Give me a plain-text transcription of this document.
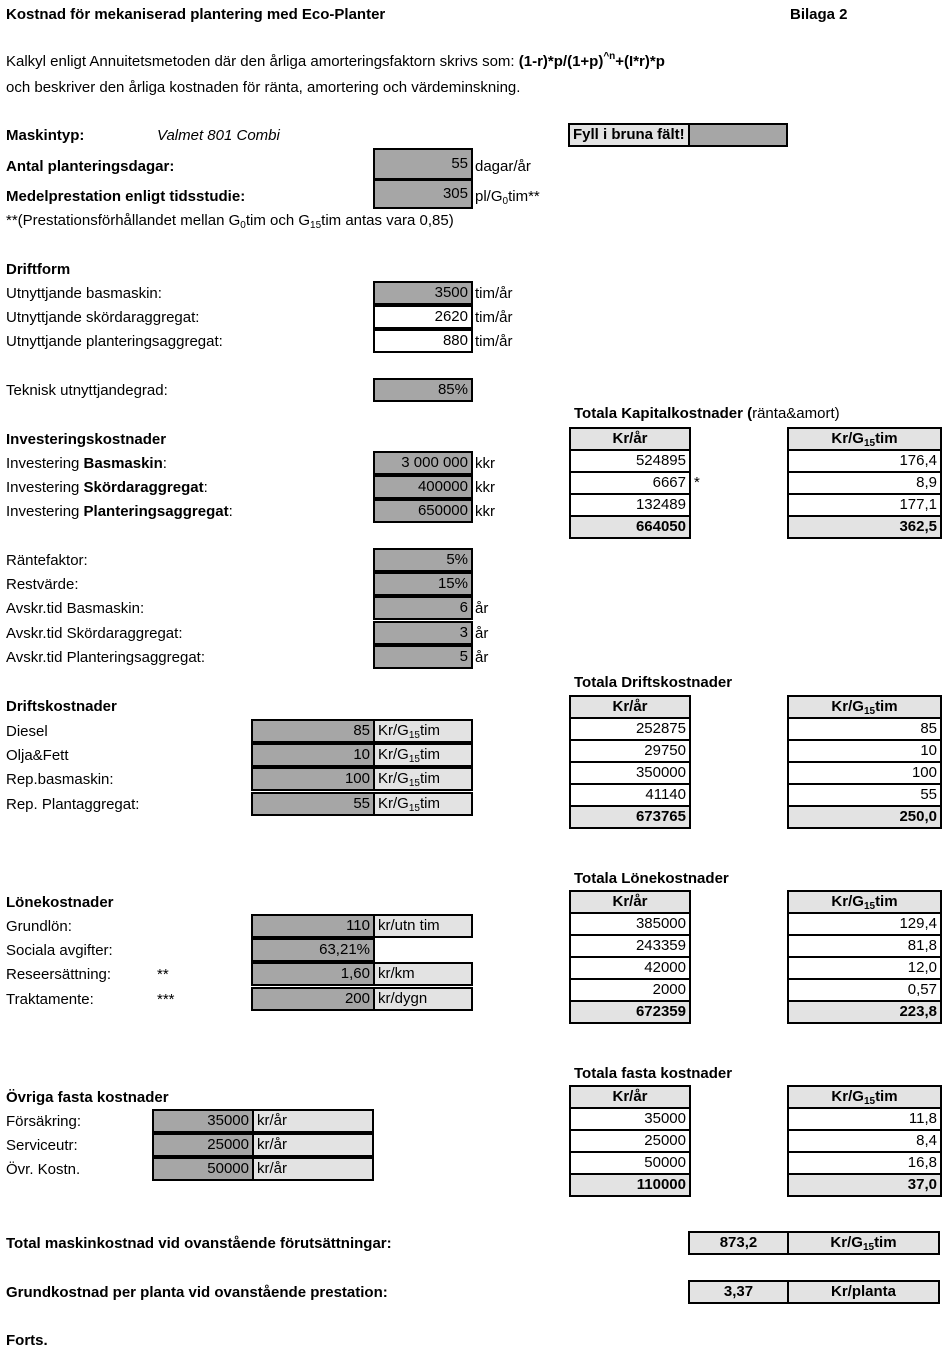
Kostnad för mekaniserad plantering med Eco-Planter	Bilaga 2
Kalkyl enligt Annuitetsmetoden där den årliga amorteringsfaktorn skrivs som: $(1-r)*p/(1+p)^{\^{}n}+(I*r)*p$
och beskriver den årliga kostnaden för ränta, amortering och värdeminskning.
Maskintyp:	Valmet 801 Combi	Fyll i bruna fält!
Antal planteringsdagar:	55 dagar/år
Medelprestation enligt tidsstudie:	305 $pl/G_0tim**$
**(Prestationsförhållandet mellan $G_0tim$ och $G_{15}tim$ antas vara 0,85)
Driftform
Utnyttjande basmaskin:	3500 tim/år
Utnyttjande skördaraggregat:	2620 tim/år
Utnyttjande planteringsaggregat:	880 tim/år
Teknisk utnyttjandegrad:	85%
Totala Kapitalkostnader (ränta&amort)
Investeringskostnader
Investering Basmaskin:	3 000 000 kkr
Investering Skördaraggregat:	400000 kkr
Investering Planteringsaggregat:	650000 kkr
Kr/år		$Kr/G_{15}tim$
524895		176,4
6667	*	8,9
132489		177,1
664050		362,5
Räntefaktor:	5%
Restvärde:	15%
Avskr.tid Basmaskin:	6 år
Avskr.tid Skördaraggregat:	3 år
Avskr.tid Planteringsaggregat:	5 år
Totala Driftskostnader
Driftskostnader
Diesel	85 $Kr/G_{15}tim$
Olja&Fett	10 $Kr/G_{15}tim$
Rep.basmaskin:	100 $Kr/G_{15}tim$
Rep. Plantaggregat:	55 $Kr/G_{15}tim$
Kr/år		$Kr/G_{15}tim$
252875		85
29750		10
350000		100
41140		55
673765		250,0
Totala Lönekostnader
Lönekostnader
Grundlön:	110 kr/utn tim
Sociala avgifter:	63,21%
Reseersättning:	**	1,60 kr/km
Traktamente:	***	200 kr/dygn
Kr/år		$Kr/G_{15}tim$
385000		129,4
243359		81,8
42000		12,0
2000		0,57
672359		223,8
Totala fasta kostnader
Övriga fasta kostnader
Försäkring:	35000 kr/år
Serviceutr:	25000 kr/år
Övr. Kostn.	50000 kr/år
Kr/år		$Kr/G_{15}tim$
35000		11,8
25000		8,4
50000		16,8
110000		37,0
Total maskinkostnad vid ovanstående förutsättningar:	873,2	$Kr/G_{15}tim$
Grundkostnad per planta vid ovanstående prestation:	3,37	Kr/planta
Forts.
